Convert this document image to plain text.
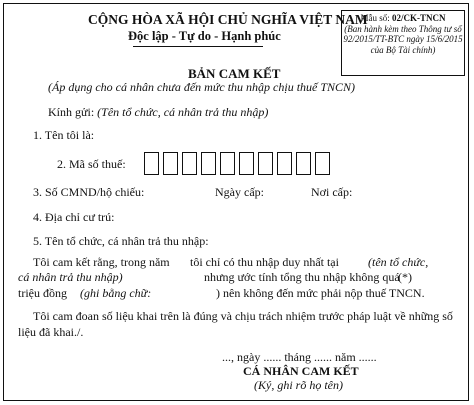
CỘNG HÒA XÃ HỘI CHỦ NGHĨA VIỆT NAM
Độc lập - Tự do - Hạnh phúc
Mẫu số: 02/CK-TNCN
(Ban hành kèm theo Thông tư số 92/2015/TT-BTC ngày 15/6/2015 của Bộ Tài chính)
BẢN CAM KẾT
(Áp dụng cho cá nhân chưa đến mức thu nhập chịu thuế TNCN)
Kính gửi: (Tên tổ chức, cá nhân trả thu nhập)
1. Tên tôi là:
2. Mã số thuế:
3. Số CMND/hộ chiếu:	Ngày cấp:	Nơi cấp:
4. Địa chỉ cư trú:
5. Tên tổ chức, cá nhân trả thu nhập:
Tôi cam kết rằng, trong năm tôi chỉ có thu nhập duy nhất tại (tên tổ chức,
cá nhân trả thu nhập)	nhưng ước tính tổng thu nhập không quá
(*)
triệu đồng (ghi bằng chữ:	) nên không đến mức phải nộp thuế TNCN.
Tôi cam đoan số liệu khai trên là đúng và chịu trách nhiệm trước pháp luật về những số
liệu đã khai./.
..., ngày ...... tháng ...... năm ......
CÁ NHÂN CAM KẾT
(Ký, ghi rõ họ tên)
